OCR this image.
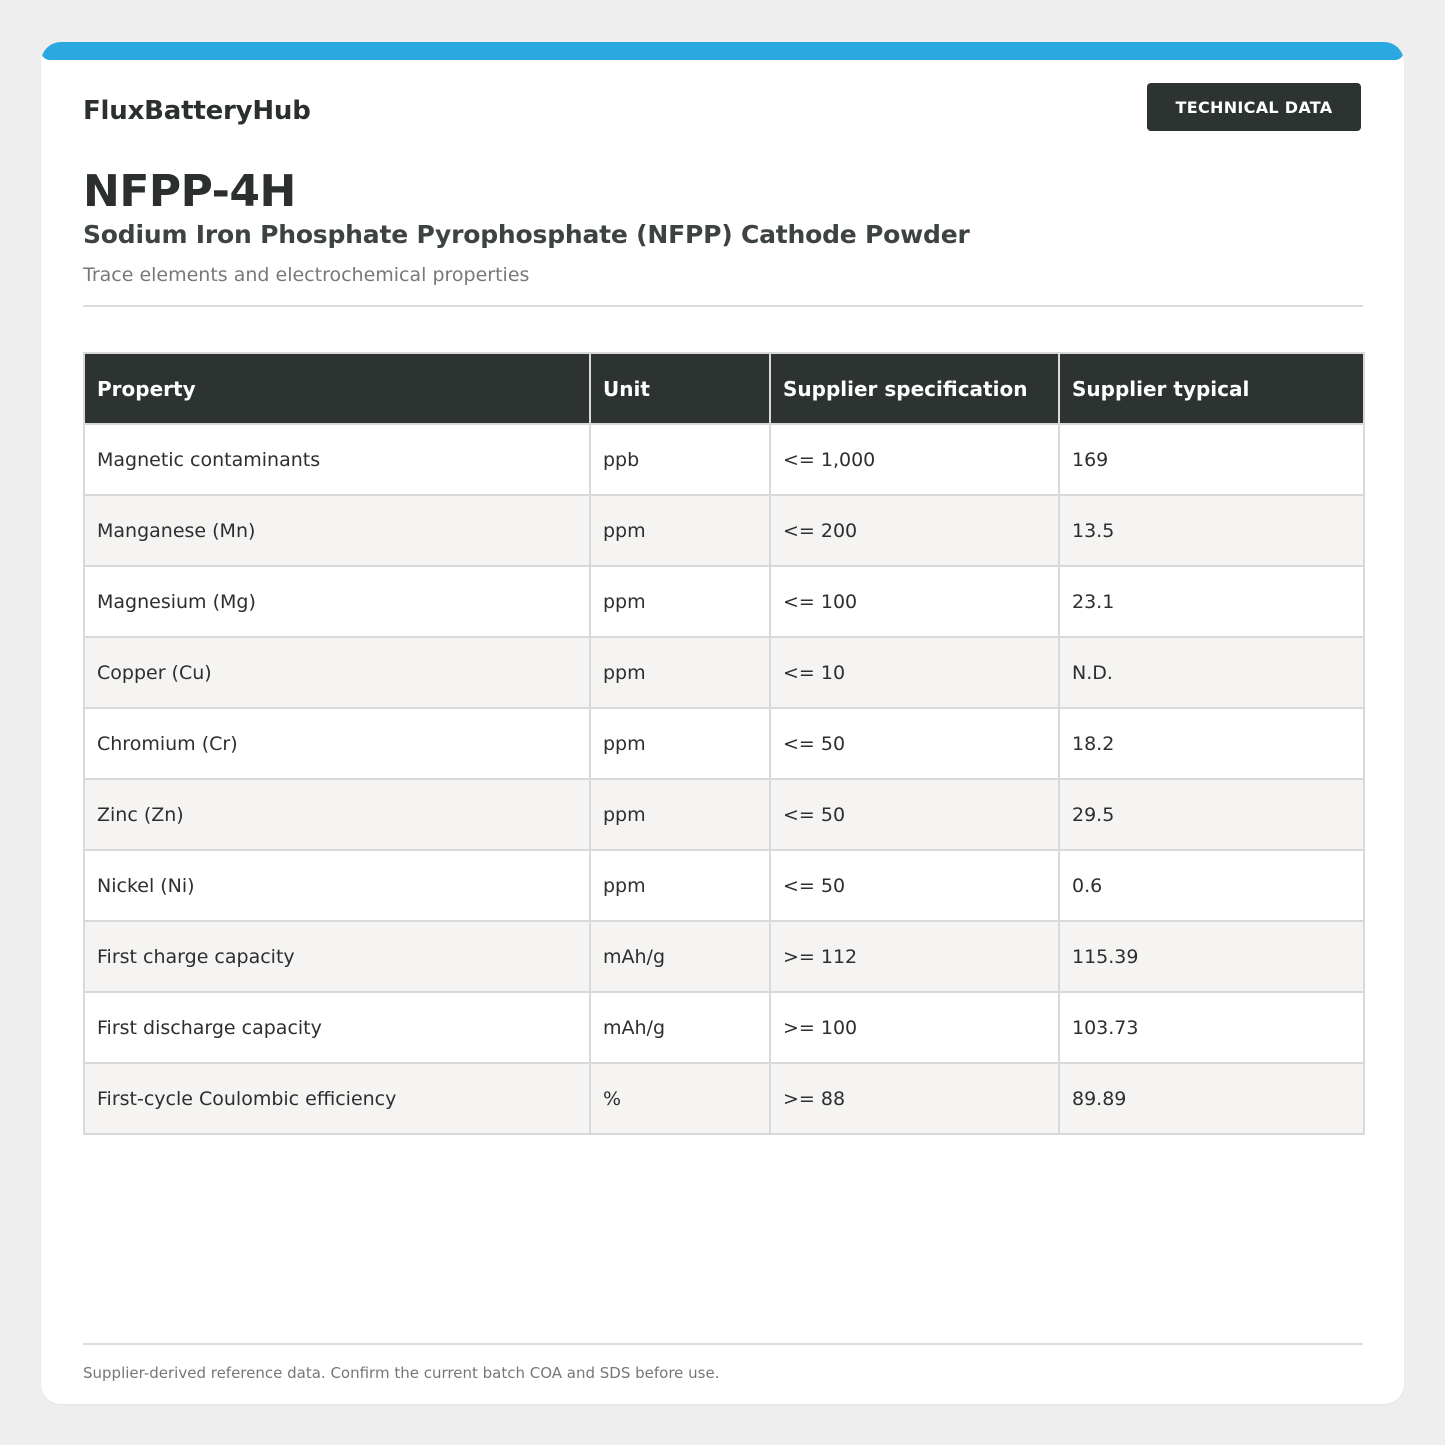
FluxBatteryHub	TECHNICAL DATA
NFPP-4H
Sodium Iron Phosphate Pyrophosphate (NFPP) Cathode Powder
Trace elements and electrochemical properties
Property	Unit	Supplier specification	Supplier typical
Magnetic contaminants	ppb	<= 1,000	169
Manganese (Mn)	ppm	<= 200	13.5
Magnesium (Mg)	ppm	<= 100	23.1
Copper (Cu)	ppm	<= 10	N.D.
Chromium (Cr)	ppm	<= 50	18.2
Zinc (Zn)	ppm	<= 50	29.5
Nickel (Ni)	ppm	<= 50	0.6
First charge capacity	mAh/g	>= 112	115.39
First discharge capacity	mAh/g	>= 100	103.73
First-cycle Coulombic efficiency	%	>= 88	89.89
Supplier-derived reference data. Confirm the current batch COA and SDS before use.
